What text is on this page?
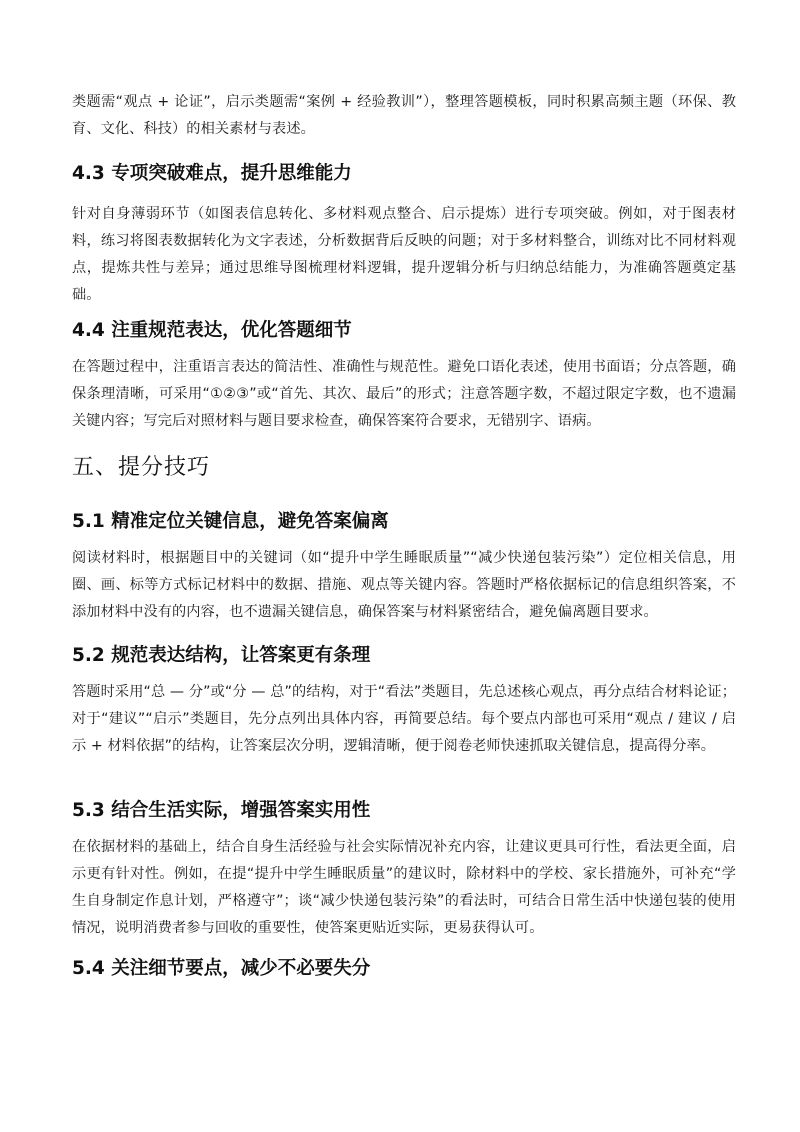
类题需“观点 + 论证”，启示类题需“案例 + 经验教训”），整理答题模板，同时积累高频主题（环保、教育、文化、科技）的相关素材与表述。

4.3 专项突破难点，提升思维能力

针对自身薄弱环节（如图表信息转化、多材料观点整合、启示提炼）进行专项突破。例如，对于图表材料，练习将图表数据转化为文字表述，分析数据背后反映的问题；对于多材料整合，训练对比不同材料观点，提炼共性与差异；通过思维导图梳理材料逻辑，提升逻辑分析与归纳总结能力，为准确答题奠定基础。

4.4 注重规范表达，优化答题细节

在答题过程中，注重语言表达的简洁性、准确性与规范性。避免口语化表述，使用书面语；分点答题，确保条理清晰，可采用“①②③”或“首先、其次、最后”的形式；注意答题字数，不超过限定字数，也不遗漏关键内容；写完后对照材料与题目要求检查，确保答案符合要求，无错别字、语病。

五、提分技巧
5.1 精准定位关键信息，避免答案偏离

阅读材料时，根据题目中的关键词（如“提升中学生睡眠质量”“减少快递包装污染”）定位相关信息，用圈、画、标等方式标记材料中的数据、措施、观点等关键内容。答题时严格依据标记的信息组织答案，不添加材料中没有的内容，也不遗漏关键信息，确保答案与材料紧密结合，避免偏离题目要求。

5.2 规范表达结构，让答案更有条理

答题时采用“总 — 分”或“分 — 总”的结构，对于“看法”类题目，先总述核心观点，再分点结合材料论证；对于“建议”“启示”类题目，先分点列出具体内容，再简要总结。每个要点内部也可采用“观点 / 建议 / 启示 + 材料依据”的结构，让答案层次分明，逻辑清晰，便于阅卷老师快速抓取关键信息，提高得分率。

5.3 结合生活实际，增强答案实用性

在依据材料的基础上，结合自身生活经验与社会实际情况补充内容，让建议更具可行性，看法更全面，启示更有针对性。例如，在提“提升中学生睡眠质量”的建议时，除材料中的学校、家长措施外，可补充“学生自身制定作息计划，严格遵守”；谈“减少快递包装污染”的看法时，可结合日常生活中快递包装的使用情况，说明消费者参与回收的重要性，使答案更贴近实际，更易获得认可。

5.4 关注细节要点，减少不必要失分
